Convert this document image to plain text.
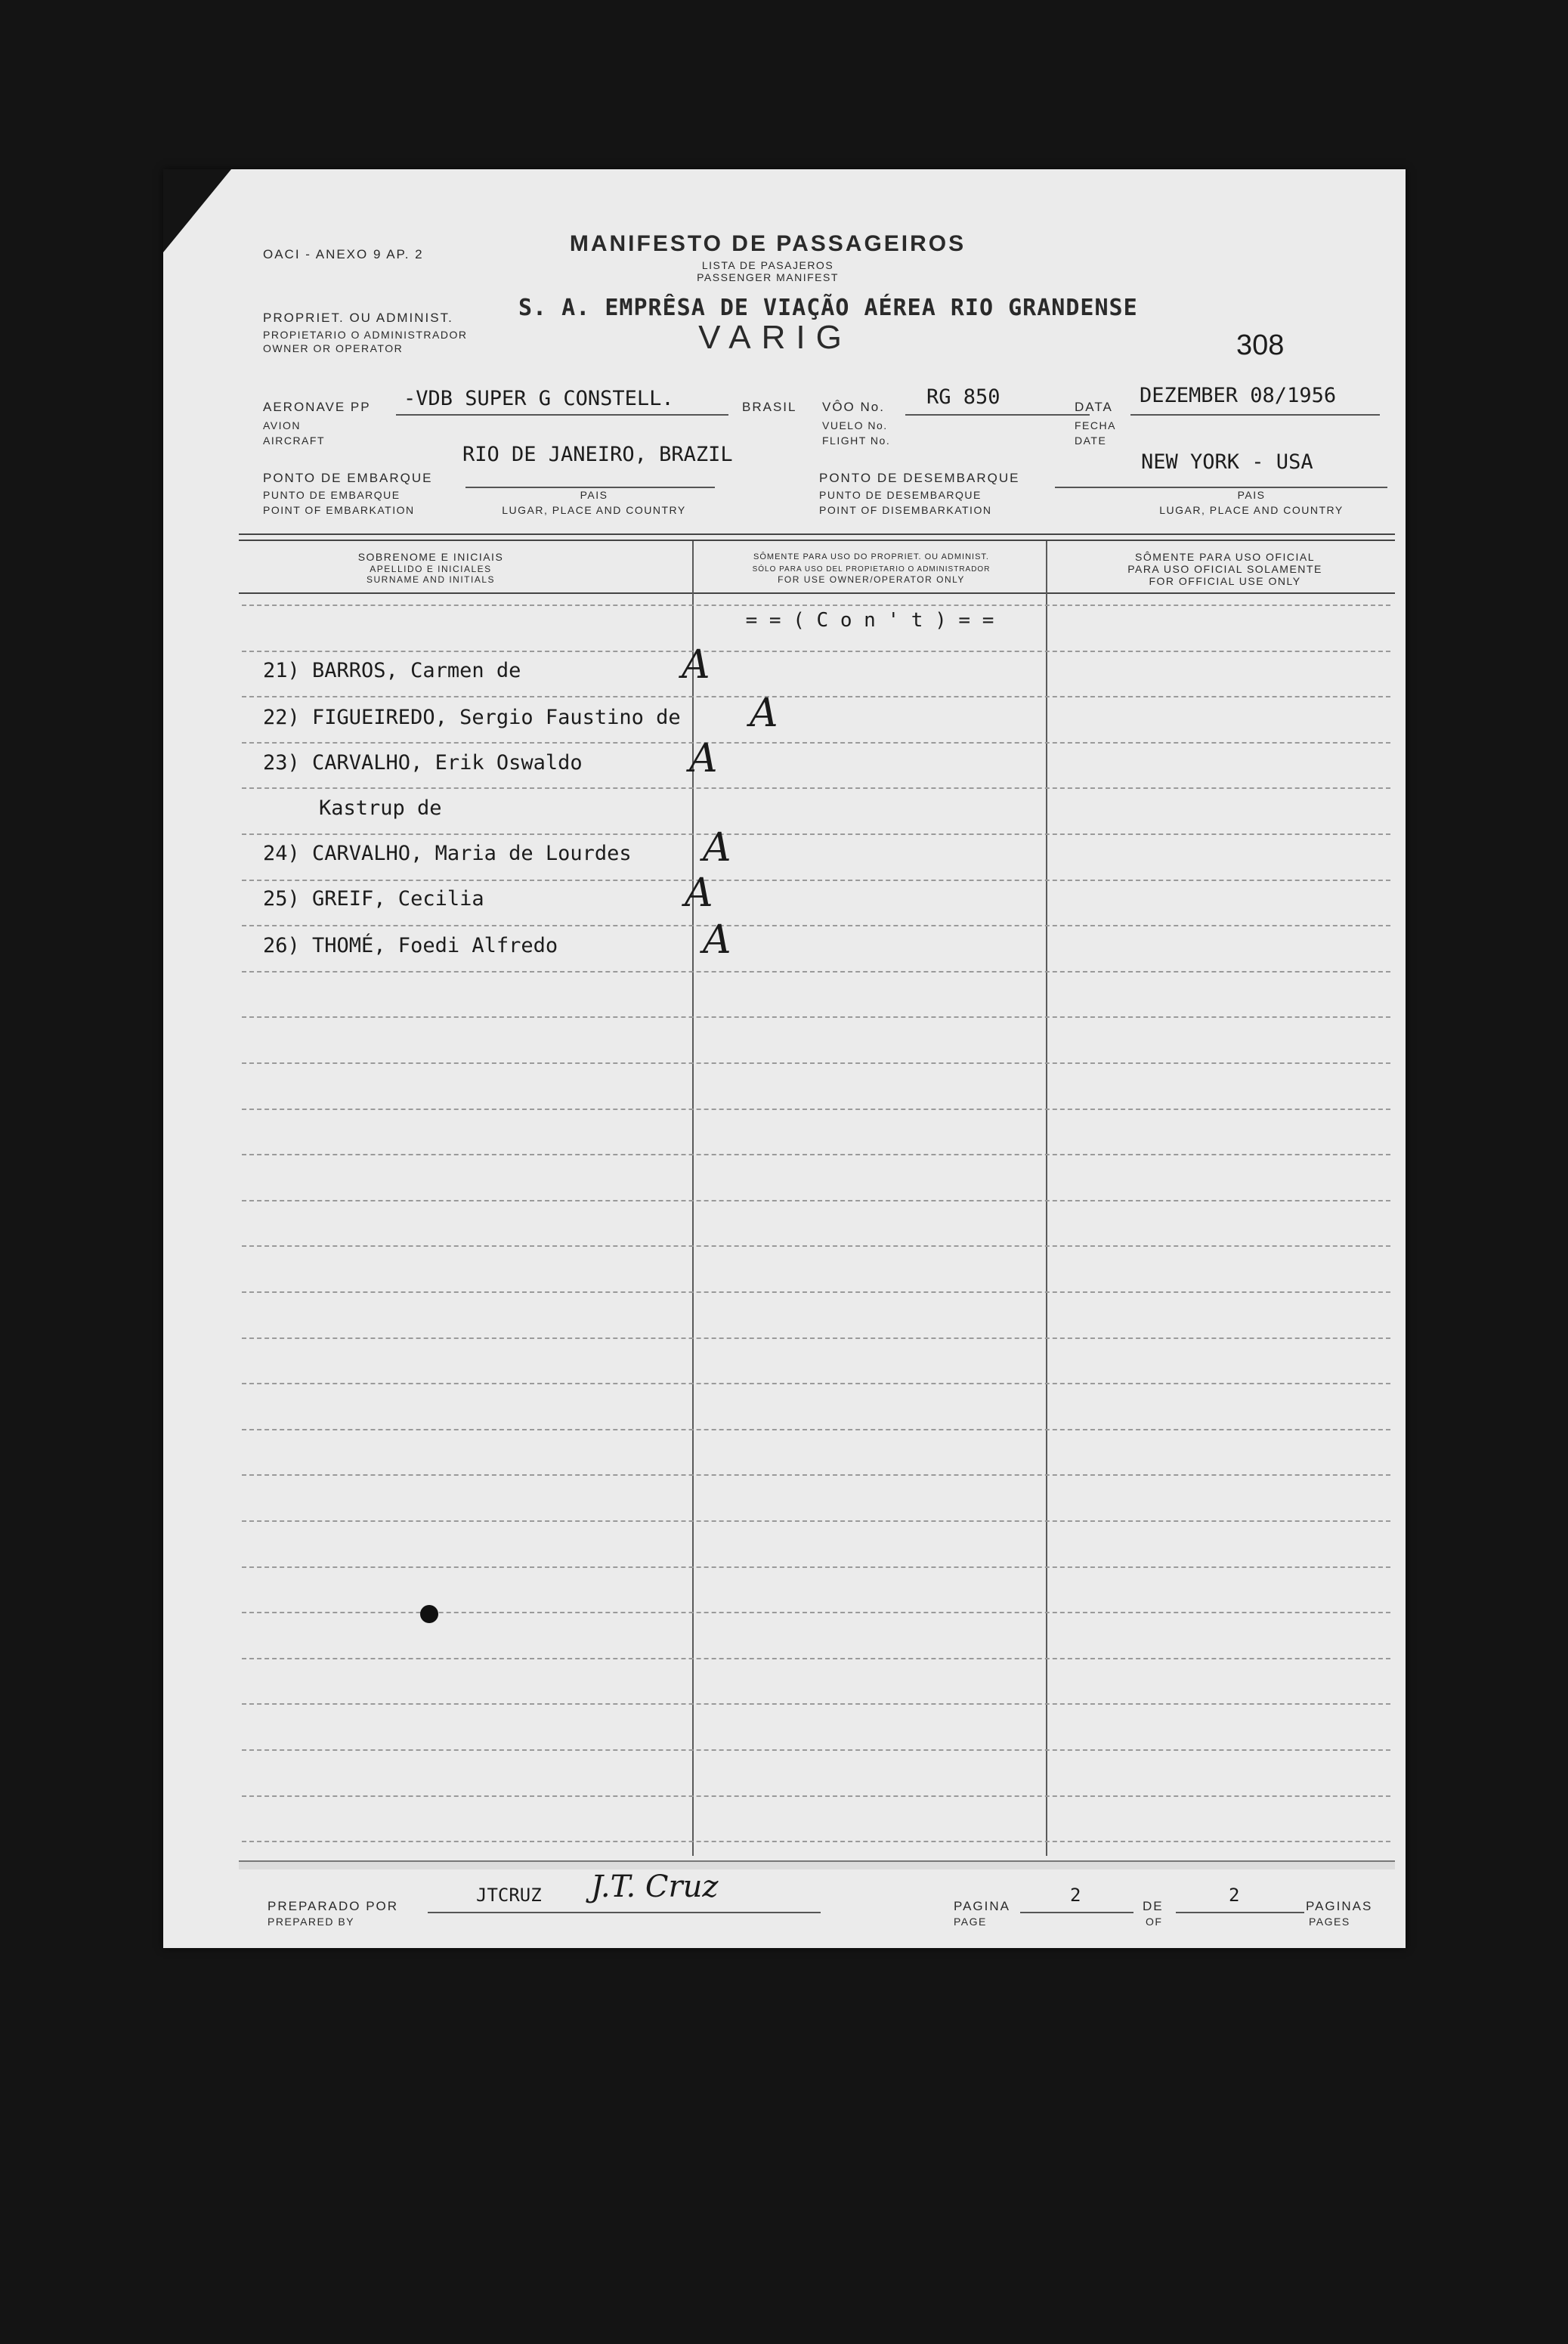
OACI - ANEXO 9 AP. 2	MANIFESTO DE PASSAGEIROS
LISTA DE PASAJEROS
PASSENGER MANIFEST
PROPRIET. OU ADMINIST.
PROPIETARIO O ADMINISTRADOR
OWNER OR OPERATOR
S. A. EMPRÊSA DE VIAÇÃO AÉREA RIO GRANDENSE
VARIG	308
AERONAVE PP
AVION
AIRCRAFT
-VDB SUPER G CONSTELL.	BRASIL VÔO No.
VUELO No.
FLIGHT No.
RG 850	DATA
FECHA
DATE
DEZEMBER 08/1956
RIO DE JANEIRO, BRAZIL
PONTO DE EMBARQUE
PUNTO DE EMBARQUE
POINT OF EMBARKATION
PAIS
LUGAR, PLACE AND COUNTRY
NEW YORK - USA
PONTO DE DESEMBARQUE
PUNTO DE DESEMBARQUE
POINT OF DISEMBARKATION
PAIS
LUGAR, PLACE AND COUNTRY
SOBRENOME E INICIAIS
APELLIDO E INICIALES
SURNAME AND INITIALS
SÔMENTE PARA USO DO PROPRIET. OU ADMINIST.
SÓLO PARA USO DEL PROPIETARIO O ADMINISTRADOR
FOR USE OWNER/OPERATOR ONLY
SÔMENTE PARA USO OFICIAL
PARA USO OFICIAL SOLAMENTE
FOR OFFICIAL USE ONLY
= = ( C o n ' t ) = =
21) BARROS, Carmen de	A
22) FIGUEIREDO, Sergio Faustino de A
23) CARVALHO, Erik Oswaldo	A
Kastrup de
24) CARVALHO, Maria de Lourdes A
25) GREIF, Cecilia	A
26) THOMÉ, Foedi Alfredo	A
PREPARADO POR
PREPARED BY
JTCRUZ J.T. Cruz
PAGINA
PAGE
2
DE
OF
2
PAGINAS
PAGES
